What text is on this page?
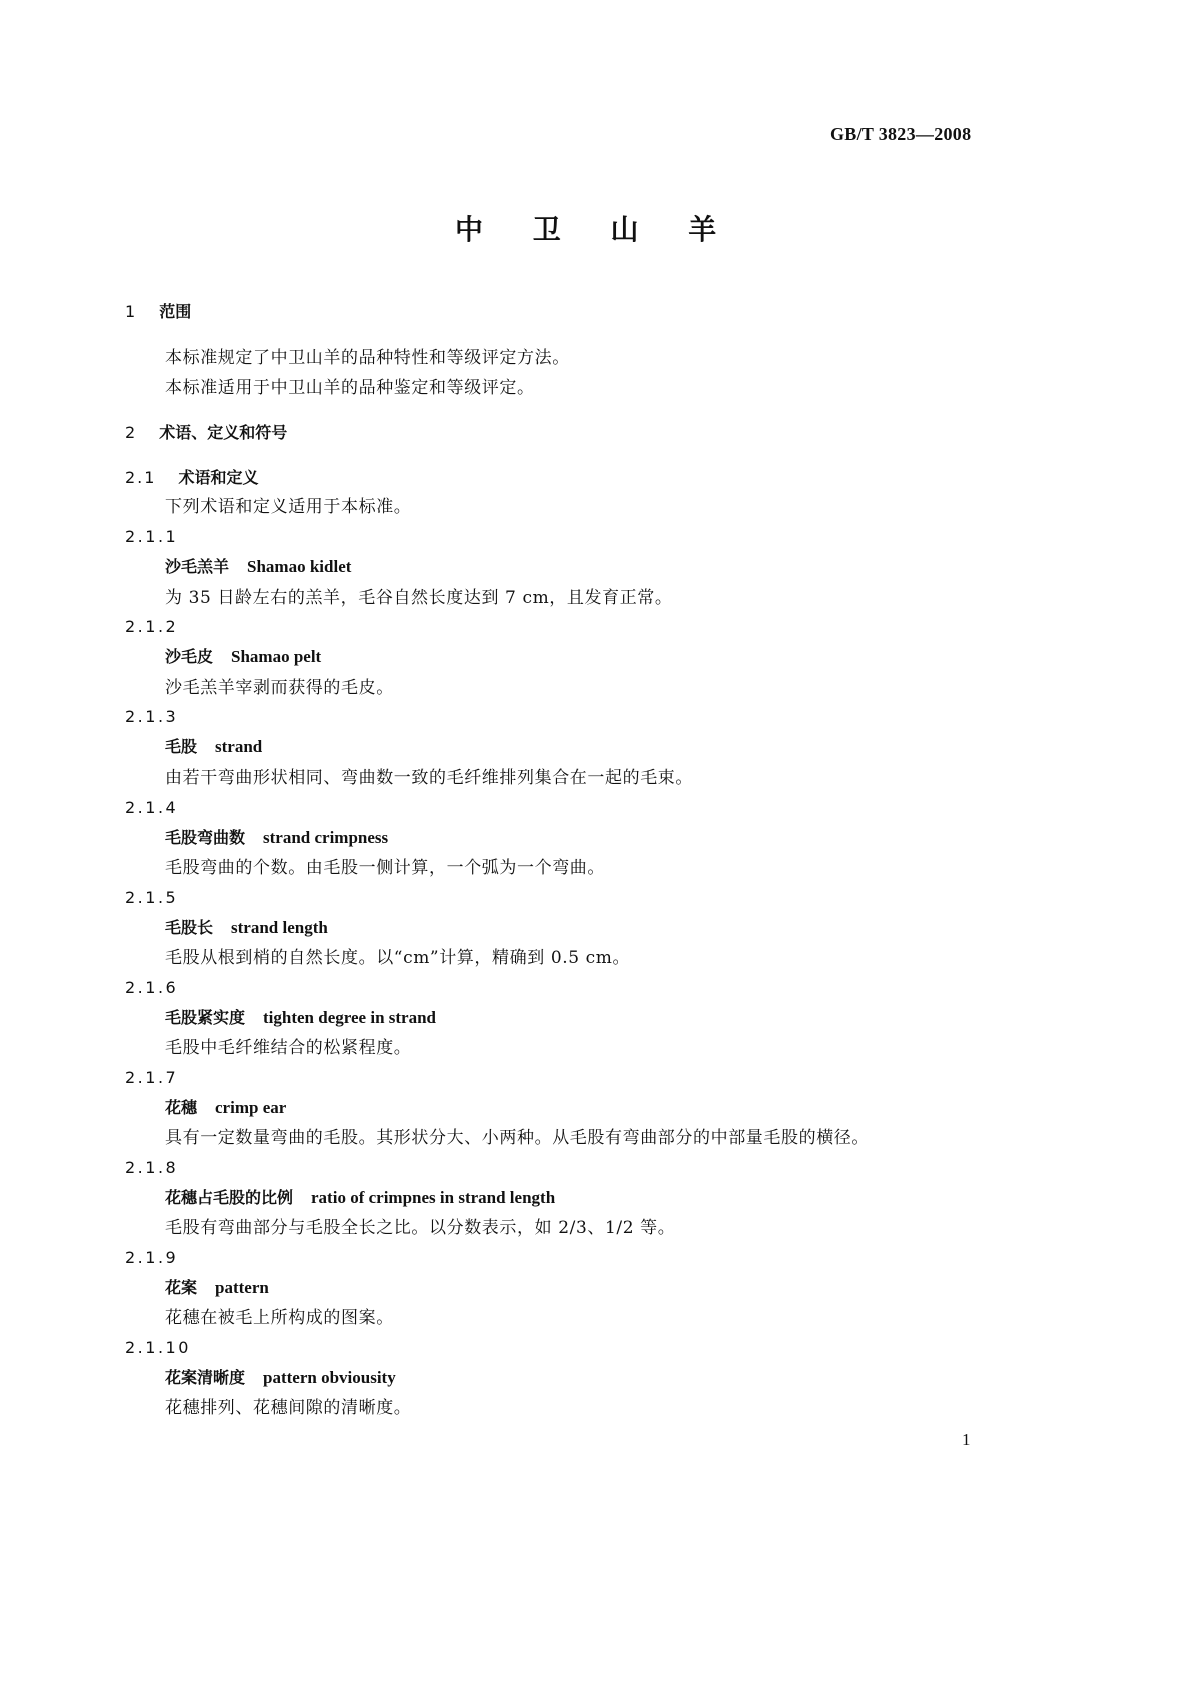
GB/T 3823—2008
中 卫 山 羊
1 范围
本标准规定了中卫山羊的品种特性和等级评定方法。
本标准适用于中卫山羊的品种鉴定和等级评定。
2 术语、定义和符号
2.1 术语和定义
下列术语和定义适用于本标准。
2.1.1
沙毛羔羊 Shamao kidlet
为 35 日龄左右的羔羊，毛谷自然长度达到 7 cm，且发育正常。
2.1.2
沙毛皮 Shamao pelt
沙毛羔羊宰剥而获得的毛皮。
2.1.3
毛股 strand
由若干弯曲形状相同、弯曲数一致的毛纤维排列集合在一起的毛束。
2.1.4
毛股弯曲数 strand crimpness
毛股弯曲的个数。由毛股一侧计算，一个弧为一个弯曲。
2.1.5
毛股长 strand length
毛股从根到梢的自然长度。以“cm”计算，精确到 0.5 cm。
2.1.6
毛股紧实度 tighten degree in strand
毛股中毛纤维结合的松紧程度。
2.1.7
花穗 crimp ear
具有一定数量弯曲的毛股。其形状分大、小两种。从毛股有弯曲部分的中部量毛股的横径。
2.1.8
花穗占毛股的比例 ratio of crimpnes in strand length
毛股有弯曲部分与毛股全长之比。以分数表示，如 2/3、1/2 等。
2.1.9
花案 pattern
花穗在被毛上所构成的图案。
2.1.10
花案清晰度 pattern obviousity
花穗排列、花穗间隙的清晰度。
1
